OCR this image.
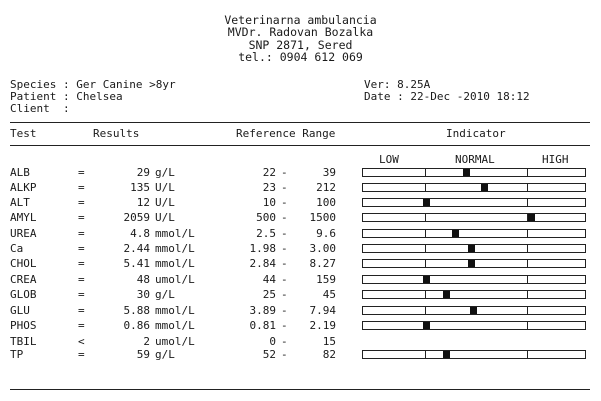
Veterinarna ambulancia
MVDr. Radovan Bozalka
SNP 2871, Sered
tel.: 0904 612 069
Species : Ger Canine >8yr
Patient : Chelsea
Client  :
Ver: 8.25A
Date : 22-Dec -2010 18:12
Test	Results	Reference Range	Indicator
LOW	NORMAL	HIGH
ALB	=	29 g/L	22 -	39
ALKP	=	135 U/L	23 -	212
ALT	=	12 U/L	10 -	100
AMYL	=	2059 U/L	500 -	1500
UREA	=	4.8 mmol/L	2.5 -	9.6
Ca	=	2.44 mmol/L	1.98 -	3.00
CHOL	=	5.41 mmol/L	2.84 -	8.27
CREA	=	48 umol/L	44 -	159
GLOB	=	30 g/L	25 -	45
GLU	=	5.88 mmol/L	3.89 -	7.94
PHOS	=	0.86 mmol/L	0.81 -	2.19
TBIL	<	2 umol/L	0 -	15
TP	=	59 g/L	52 -	82
